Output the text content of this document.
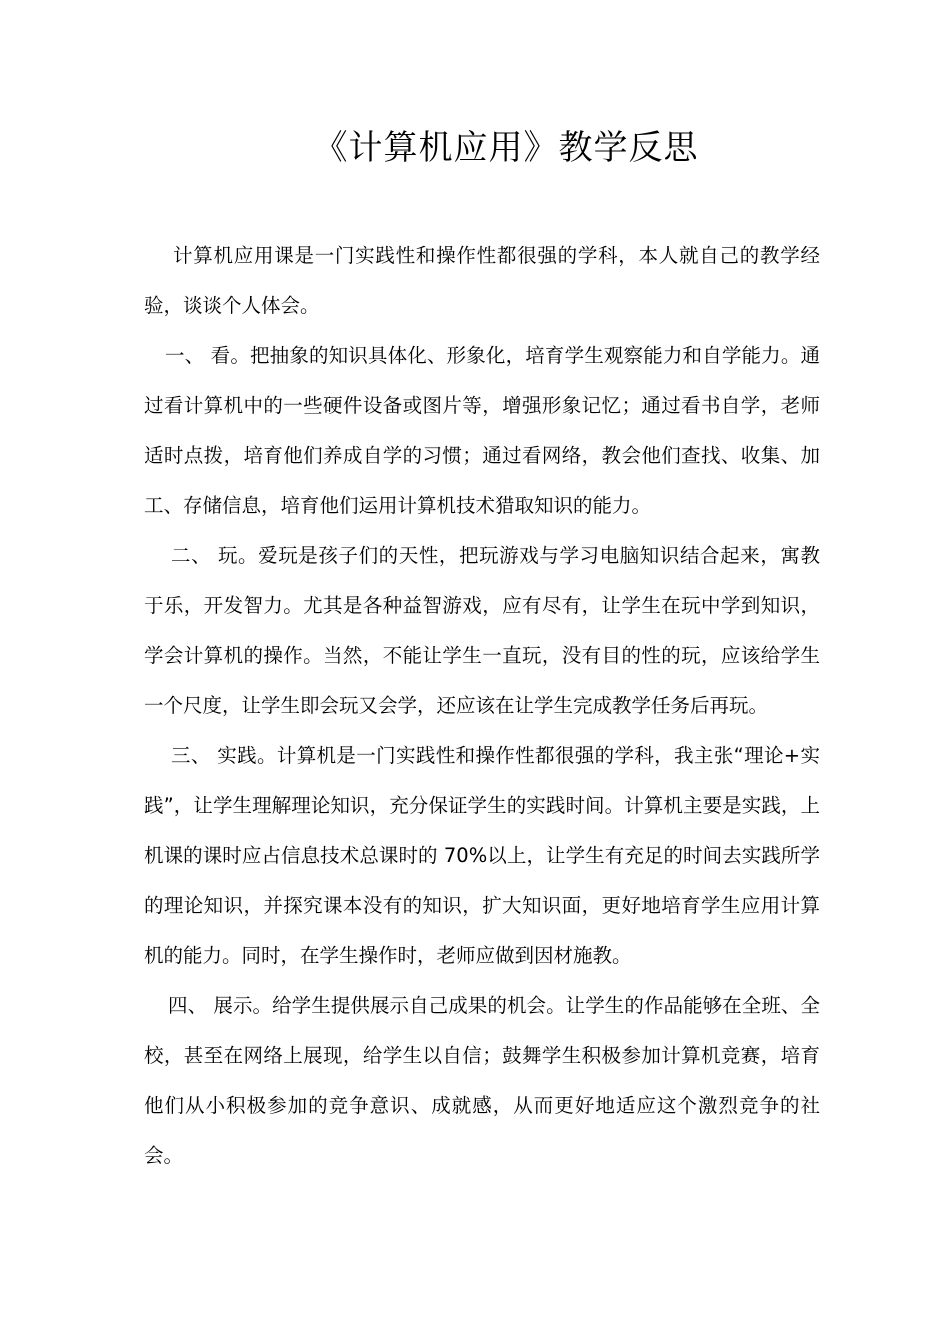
《计算机应用》教学反思

计算机应用课是一门实践性和操作性都很强的学科，本人就自己的教学经验，谈谈个人体会。

一、 看。把抽象的知识具体化、形象化，培育学生观察能力和自学能力。通过看计算机中的一些硬件设备或图片等，增强形象记忆；通过看书自学，老师适时点拨，培育他们养成自学的习惯；通过看网络，教会他们查找、收集、加工、存储信息，培育他们运用计算机技术猎取知识的能力。

二、 玩。爱玩是孩子们的天性，把玩游戏与学习电脑知识结合起来，寓教于乐，开发智力。尤其是各种益智游戏，应有尽有，让学生在玩中学到知识，学会计算机的操作。当然，不能让学生一直玩，没有目的性的玩，应该给学生一个尺度，让学生即会玩又会学，还应该在让学生完成教学任务后再玩。

三、 实践。计算机是一门实践性和操作性都很强的学科，我主张“理论+实践”，让学生理解理论知识，充分保证学生的实践时间。计算机主要是实践，上机课的课时应占信息技术总课时的 70%以上，让学生有充足的时间去实践所学的理论知识，并探究课本没有的知识，扩大知识面，更好地培育学生应用计算机的能力。同时，在学生操作时，老师应做到因材施教。

四、 展示。给学生提供展示自己成果的机会。让学生的作品能够在全班、全校，甚至在网络上展现，给学生以自信；鼓舞学生积极参加计算机竞赛，培育他们从小积极参加的竞争意识、成就感，从而更好地适应这个激烈竞争的社会。
